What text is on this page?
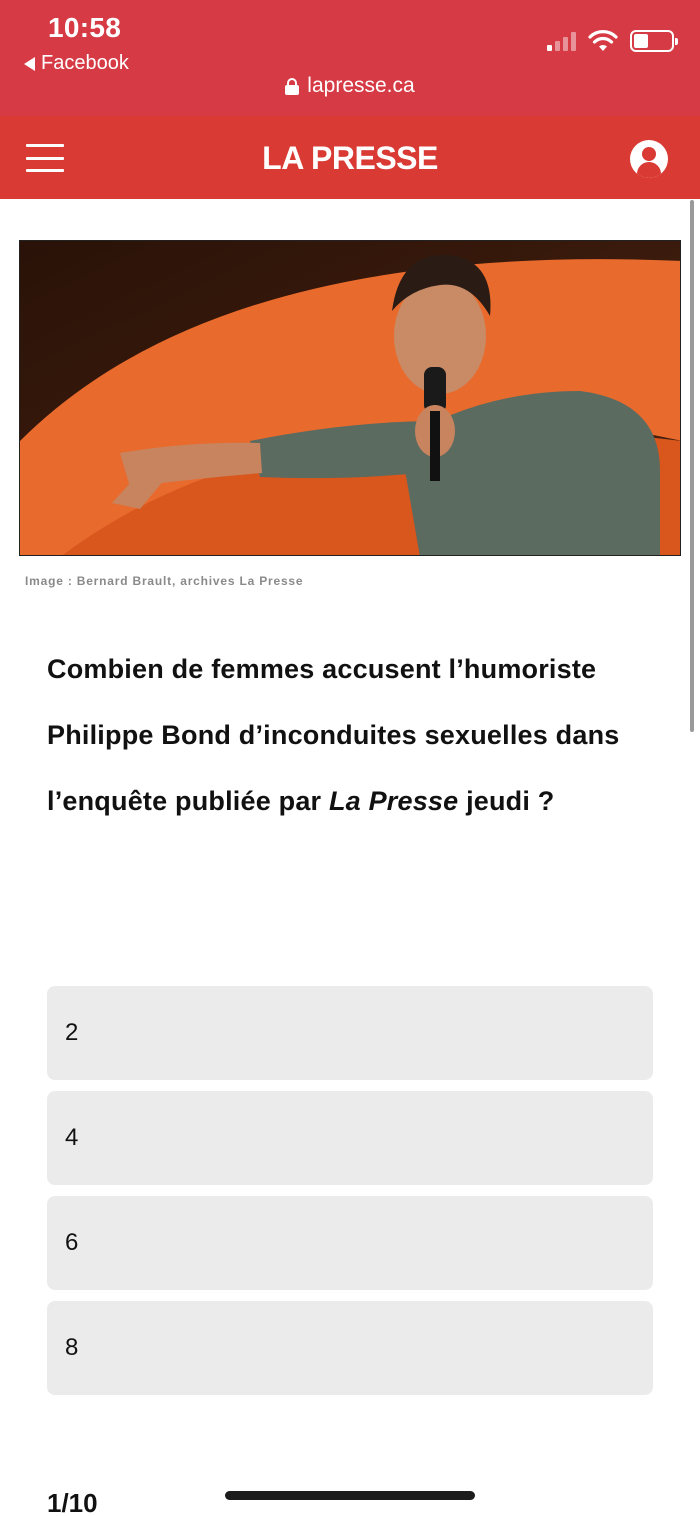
10:58
Facebook
lapresse.ca
LA PRESSE
Image : Bernard Brault, archives La Presse
Combien de femmes accusent l’humoriste Philippe Bond d’inconduites sexuelles dans l’enquête publiée par La Presse jeudi ?
2
4
6
8
1/10
